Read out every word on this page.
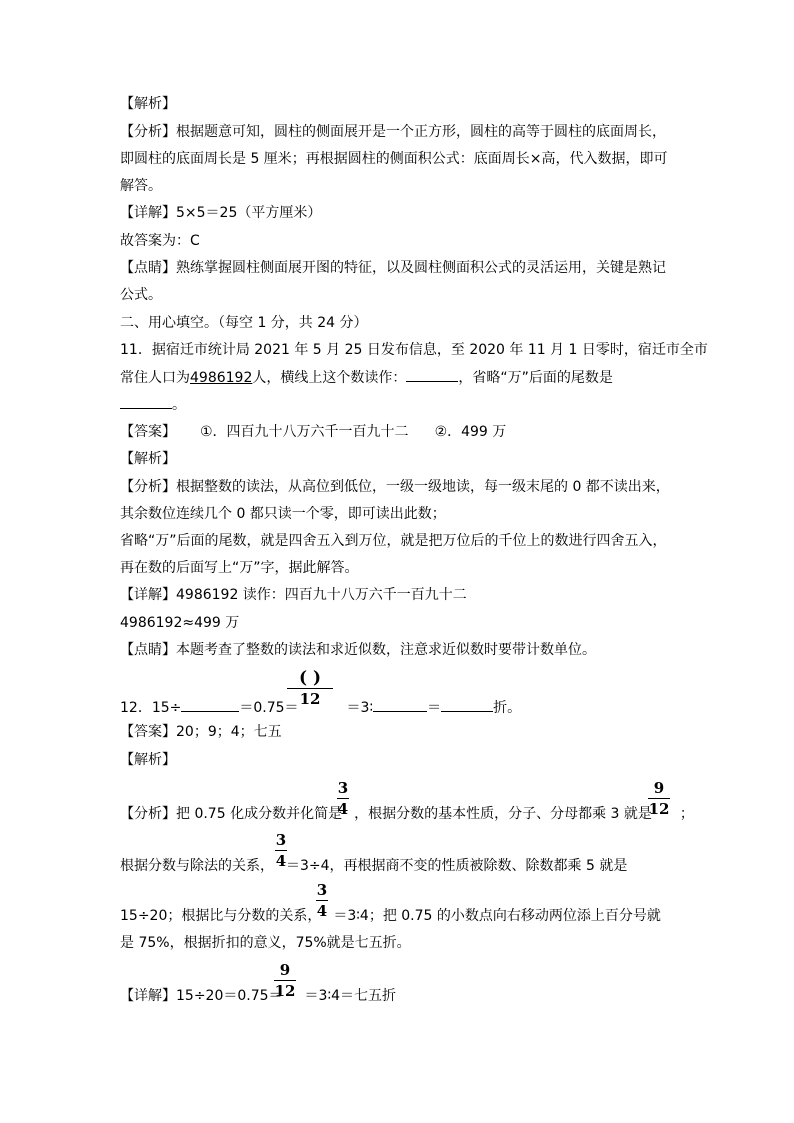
【解析】
【分析】根据题意可知，圆柱的侧面展开是一个正方形，圆柱的高等于圆柱的底面周长，
即圆柱的底面周长是 5 厘米；再根据圆柱的侧面积公式：底面周长×高，代入数据，即可
解答。
【详解】5×5＝25（平方厘米）
故答案为：C
【点睛】熟练掌握圆柱侧面展开图的特征，以及圆柱侧面积公式的灵活运用，关键是熟记
公式。
二、用心填空。（每空 1 分，共 24 分）
11．据宿迁市统计局 2021 年 5 月 25 日发布信息，至 2020 年 11 月 1 日零时，宿迁市全市
常住人口为4986192人，横线上这个数读作：	，省略“万”后面的尾数是
。
【答案】 ①．四百九十八万六千一百九十二 ②．499 万
【解析】
【分析】根据整数的读法，从高位到低位，一级一级地读，每一级末尾的 0 都不读出来，
其余数位连续几个 0 都只读一个零，即可读出此数；
省略“万”后面的尾数，就是四舍五入到万位，就是把万位后的千位上的数进行四舍五入，
再在数的后面写上“万”字，据此解答。
【详解】4986192 读作：四百九十八万六千一百九十二
4986192≈499 万
【点睛】本题考查了整数的读法和求近似数，注意求近似数时要带计数单位。
12．15÷	＝0.75＝	＝3∶	＝	折。
( )
12
【答案】20；9；4；七五
【解析】
【分析】把 0.75 化成分数并化简是 ，根据分数的基本性质，分子、分母都乘 3 就是 ；
3
4
9
12
根据分数与除法的关系， ＝3÷4，再根据商不变的性质被除数、除数都乘 5 就是
3
4
15÷20；根据比与分数的关系， ＝3∶4；把 0.75 的小数点向右移动两位添上百分号就
3
4
是 75%，根据折扣的意义，75%就是七五折。
【详解】15÷20＝0.75＝ ＝3∶4＝七五折
9
12
